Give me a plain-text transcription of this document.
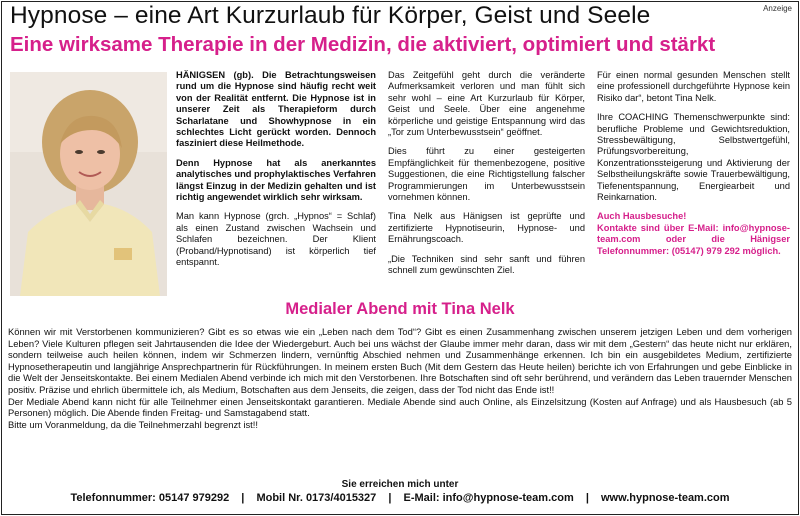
Anzeige
Hypnose – eine Art Kurzurlaub für Körper, Geist und Seele
Eine wirksame Therapie in der Medizin, die aktiviert, optimiert und stärkt

HÄNIGSEN (gb). Die Betrachtungsweisen rund um die Hypnose sind häufig recht weit von der Realität entfernt. Die Hypnose ist in unserer Zeit als Therapieform durch Scharlatane und Showhypnose in ein schlechtes Licht gerückt worden. Dennoch fasziniert diese Heilmethode.

Denn Hypnose hat als anerkanntes analytisches und prophylaktisches Verfahren längst Einzug in der Medizin gehalten und ist richtig angewendet wirklich sehr wirksam.

Man kann Hypnose (grch. „Hypnos“ = Schlaf) als einen Zustand zwischen Wachsein und Schlafen bezeichnen. Der Klient (Proband/Hypnotisand) ist körperlich tief entspannt.

Das Zeitgefühl geht durch die veränderte Aufmerksamkeit verloren und man fühlt sich sehr wohl – eine Art Kurzurlaub für Körper, Geist und Seele. Über eine angenehme körperliche und geistige Entspannung wird das „Tor zum Unterbewusstsein“ geöffnet.

Dies führt zu einer gesteigerten Empfänglichkeit für themenbezogene, positive Suggestionen, die eine Richtigstellung falscher Programmierungen im Unterbewusstsein vornehmen können.

Tina Nelk aus Hänigsen ist geprüfte und zertifizierte Hypnotiseurin, Hypnose- und Ernährungscoach.

„Die Techniken sind sehr sanft und führen schnell zum gewünschten Ziel.

Für einen normal gesunden Menschen stellt eine professionell durchgeführte Hypnose kein Risiko dar“, betont Tina Nelk.

Ihre COACHING Themenschwerpunkte sind: berufliche Probleme und Gewichtsreduktion, Stressbewältigung, Selbstwertgefühl, Prüfungsvorbereitung, Konzentrationssteigerung und Aktivierung der Selbstheilungskräfte sowie Trauerbewältigung, Tiefenentspannung, Energiearbeit und Reinkarnation.

Auch Hausbesuche!

Kontakte sind über E-Mail: info@hypnose-team.com oder die Hänigser Telefonnummer: (05147) 979 292 möglich.

Medialer Abend mit Tina Nelk

Können wir mit Verstorbenen kommunizieren? Gibt es so etwas wie ein „Leben nach dem Tod“? Gibt es einen Zusammenhang zwischen unserem jetzigen Leben und dem vorherigen Leben? Viele Kulturen pflegen seit Jahrtausenden die Idee der Wiedergeburt. Auch bei uns wächst der Glaube immer mehr daran, dass wir mit dem „Gestern“ das heute nicht nur erklären, sondern teilweise auch heilen können, indem wir Schmerzen lindern, vernünftig Abschied nehmen und Zusammenhänge erkennen. Ich bin ein ausgebildetes Medium, zertifizierte Hypnosetherapeutin und langjährige Ansprechpartnerin für Rückführungen. In meinem ersten Buch (Mit dem Gestern das Heute heilen) berichte ich von Erfahrungen und gebe Einblicke in die Welt der Jenseitskontakte. Bei einem Medialen Abend verbinde ich mich mit den Verstorbenen. Ihre Botschaften sind oft sehr berührend, und verändern das Leben trauernder Menschen positiv. Präzise und ehrlich übermittele ich, als Medium, Botschaften aus dem Jenseits, die zeigen, dass der Tod nicht das Ende ist!!

Der Mediale Abend kann nicht für alle Teilnehmer einen Jenseitskontakt garantieren. Mediale Abende sind auch Online, als Einzelsitzung (Kosten auf Anfrage) und als Hausbesuch (ab 5 Personen) möglich. Die Abende finden Freitag- und Samstagabend statt.

Bitte um Voranmeldung, da die Teilnehmerzahl begrenzt ist!!

Sie erreichen mich unter
Telefonnummer: 05147 979292 | Mobil Nr. 0173/4015327 | E-Mail: info@hypnose-team.com | www.hypnose-team.com
